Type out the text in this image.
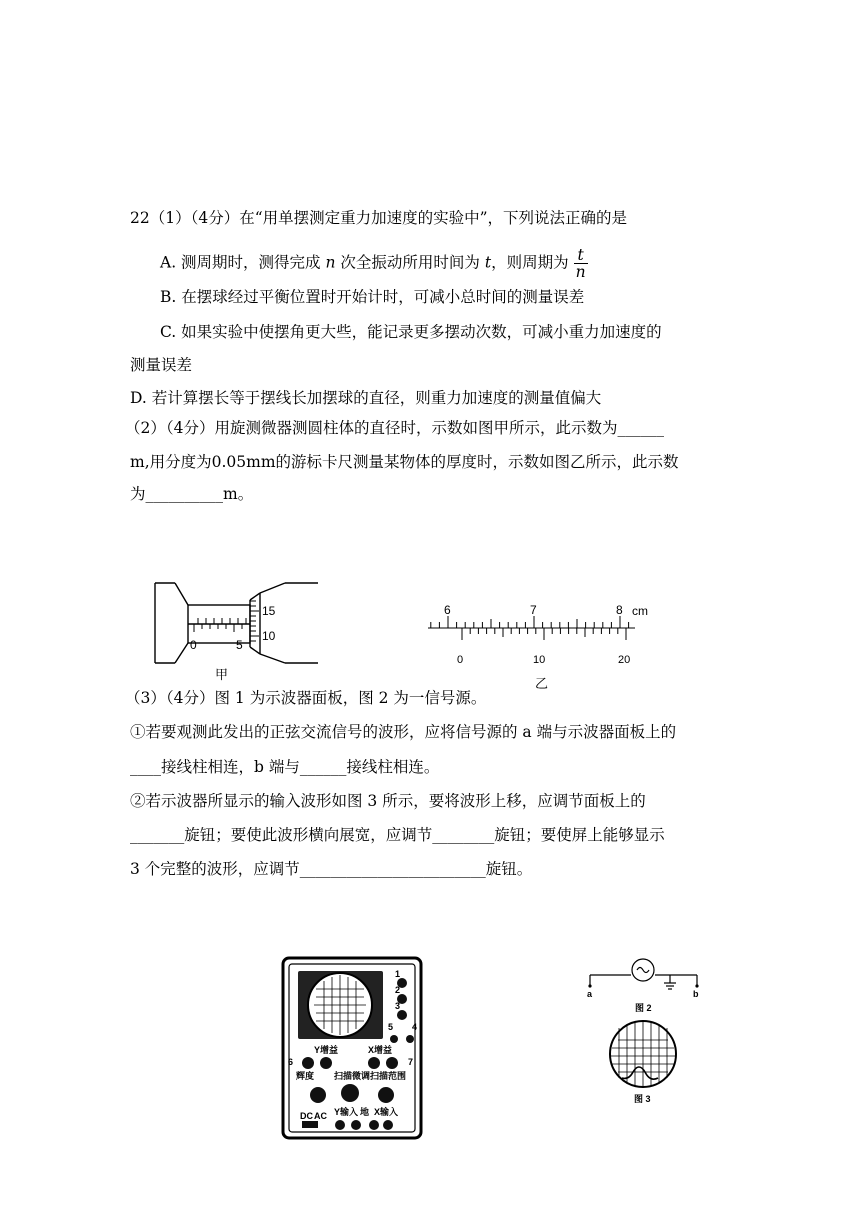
22（1）（4分）在“用单摆测定重力加速度的实验中”，下列说法正确的是
A. 测周期时，测得完成 n 次全振动所用时间为 t，则周期为 $\frac{t}{n}$
B. 在摆球经过平衡位置时开始计时，可减小总时间的测量误差
C. 如果实验中使摆角更大些，能记录更多摆动次数，可减小重力加速度的
测量误差
D. 若计算摆长等于摆线长加摆球的直径，则重力加速度的测量值偏大
（2）（4分）用旋测微器测圆柱体的直径时，示数如图甲所示，此示数为______
m,用分度为0.05mm的游标卡尺测量某物体的厚度时，示数如图乙所示，此示数
为__________m。
0	5
15
10
甲
6	7	8 cm
0	10	20
乙
（3）（4分）图 1 为示波器面板，图 2 为一信号源。
①若要观测此发出的正弦交流信号的波形，应将信号源的 a 端与示波器面板上的
____接线柱相连，b 端与______接线柱相连。
②若示波器所显示的输入波形如图 3 所示，要将波形上移，应调节面板上的
_______旋钮；要使此波形横向展宽，应调节________旋钮；要使屏上能够显示
3 个完整的波形，应调节________________________旋钮。
1
2
3
5 4
Y增益	X增益
6	7
辉度 扫描微调 扫描范围
DC AC Y输入 地 X输入
a	b
图 2
图 3
